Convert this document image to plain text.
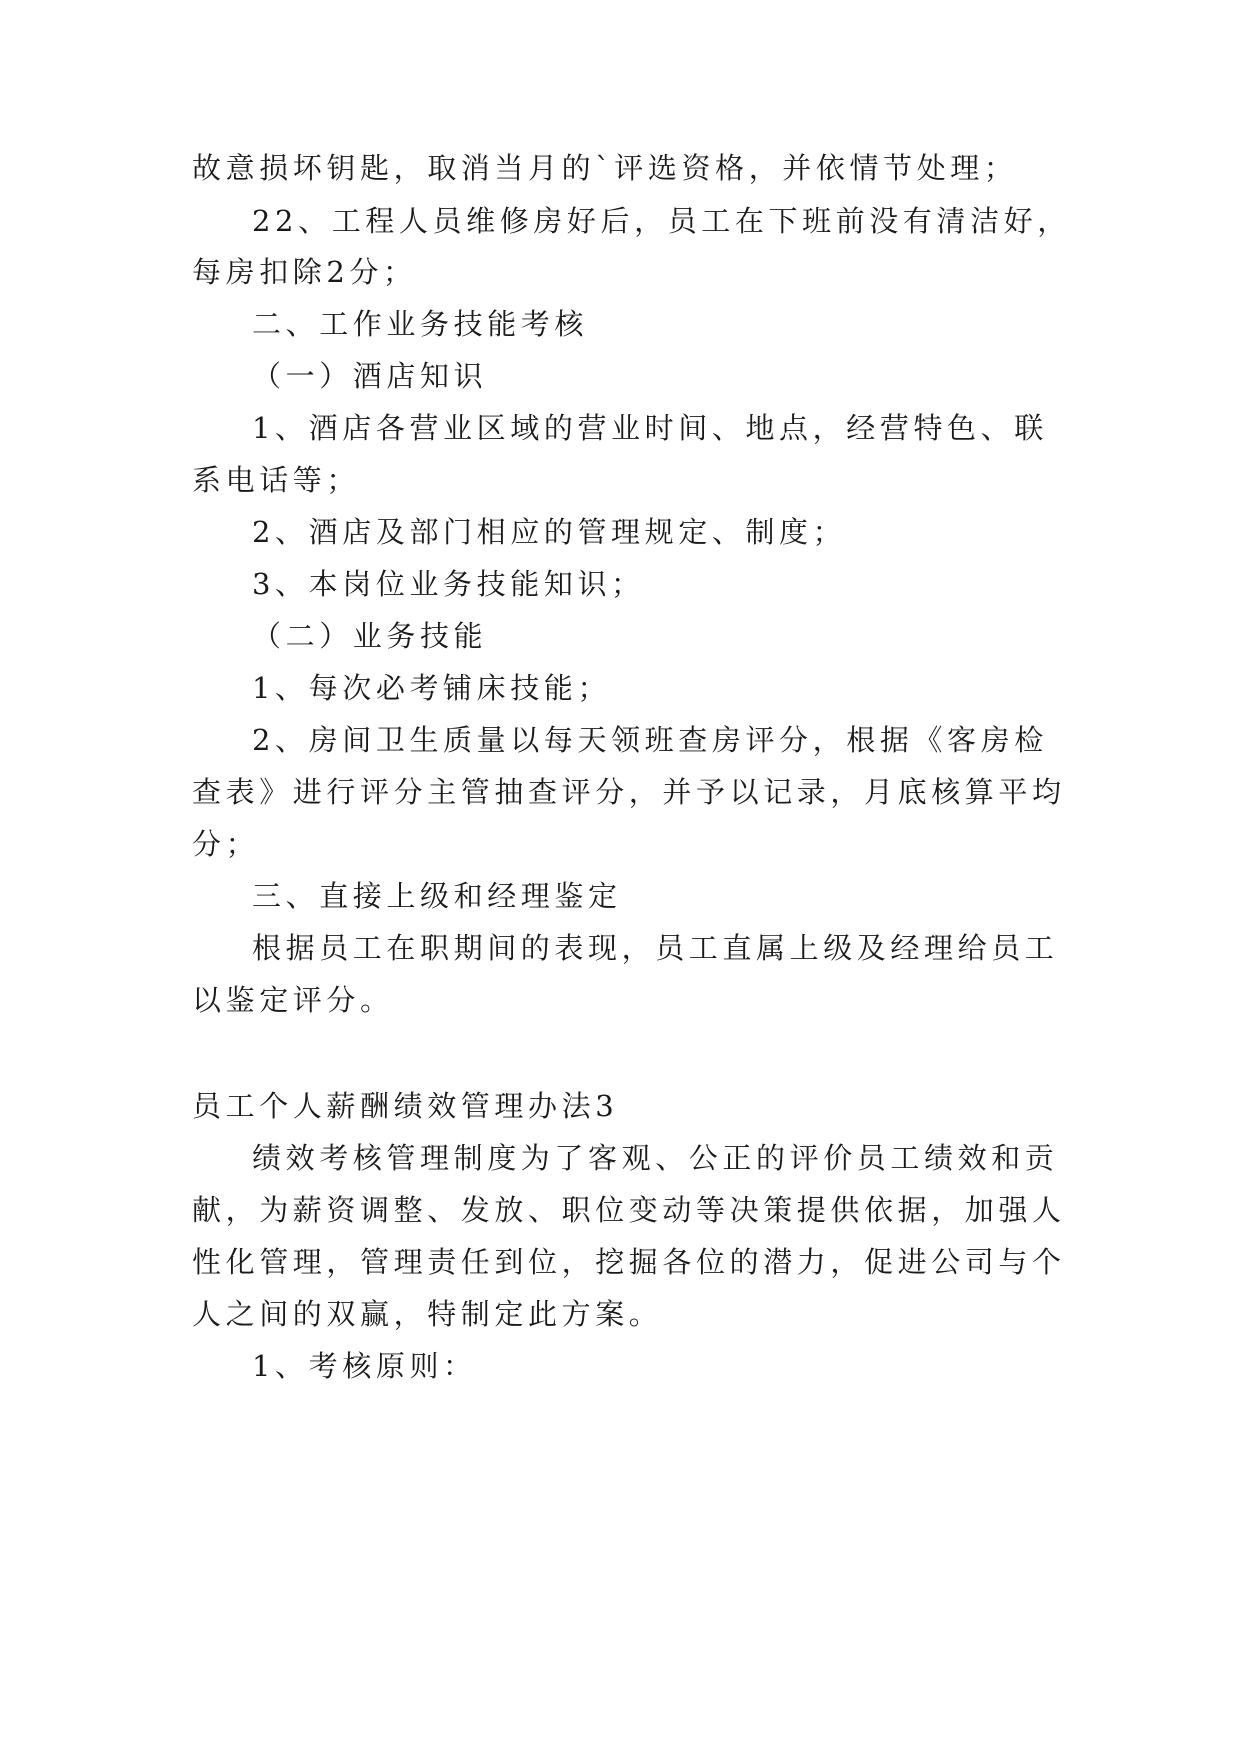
故意损坏钥匙，取消当月的`评选资格，并依情节处理；
22、工程人员维修房好后，员工在下班前没有清洁好，
每房扣除2分；
二、工作业务技能考核
（一）酒店知识
1、酒店各营业区域的营业时间、地点，经营特色、联
系电话等；
2、酒店及部门相应的管理规定、制度；
3、本岗位业务技能知识；
（二）业务技能
1、每次必考铺床技能；
2、房间卫生质量以每天领班查房评分，根据《客房检
查表》进行评分主管抽查评分，并予以记录，月底核算平均
分；
三、直接上级和经理鉴定
根据员工在职期间的表现，员工直属上级及经理给员工
以鉴定评分。
员工个人薪酬绩效管理办法3
绩效考核管理制度为了客观、公正的评价员工绩效和贡
献，为薪资调整、发放、职位变动等决策提供依据，加强人
性化管理，管理责任到位，挖掘各位的潜力，促进公司与个
人之间的双赢，特制定此方案。
1、考核原则：
